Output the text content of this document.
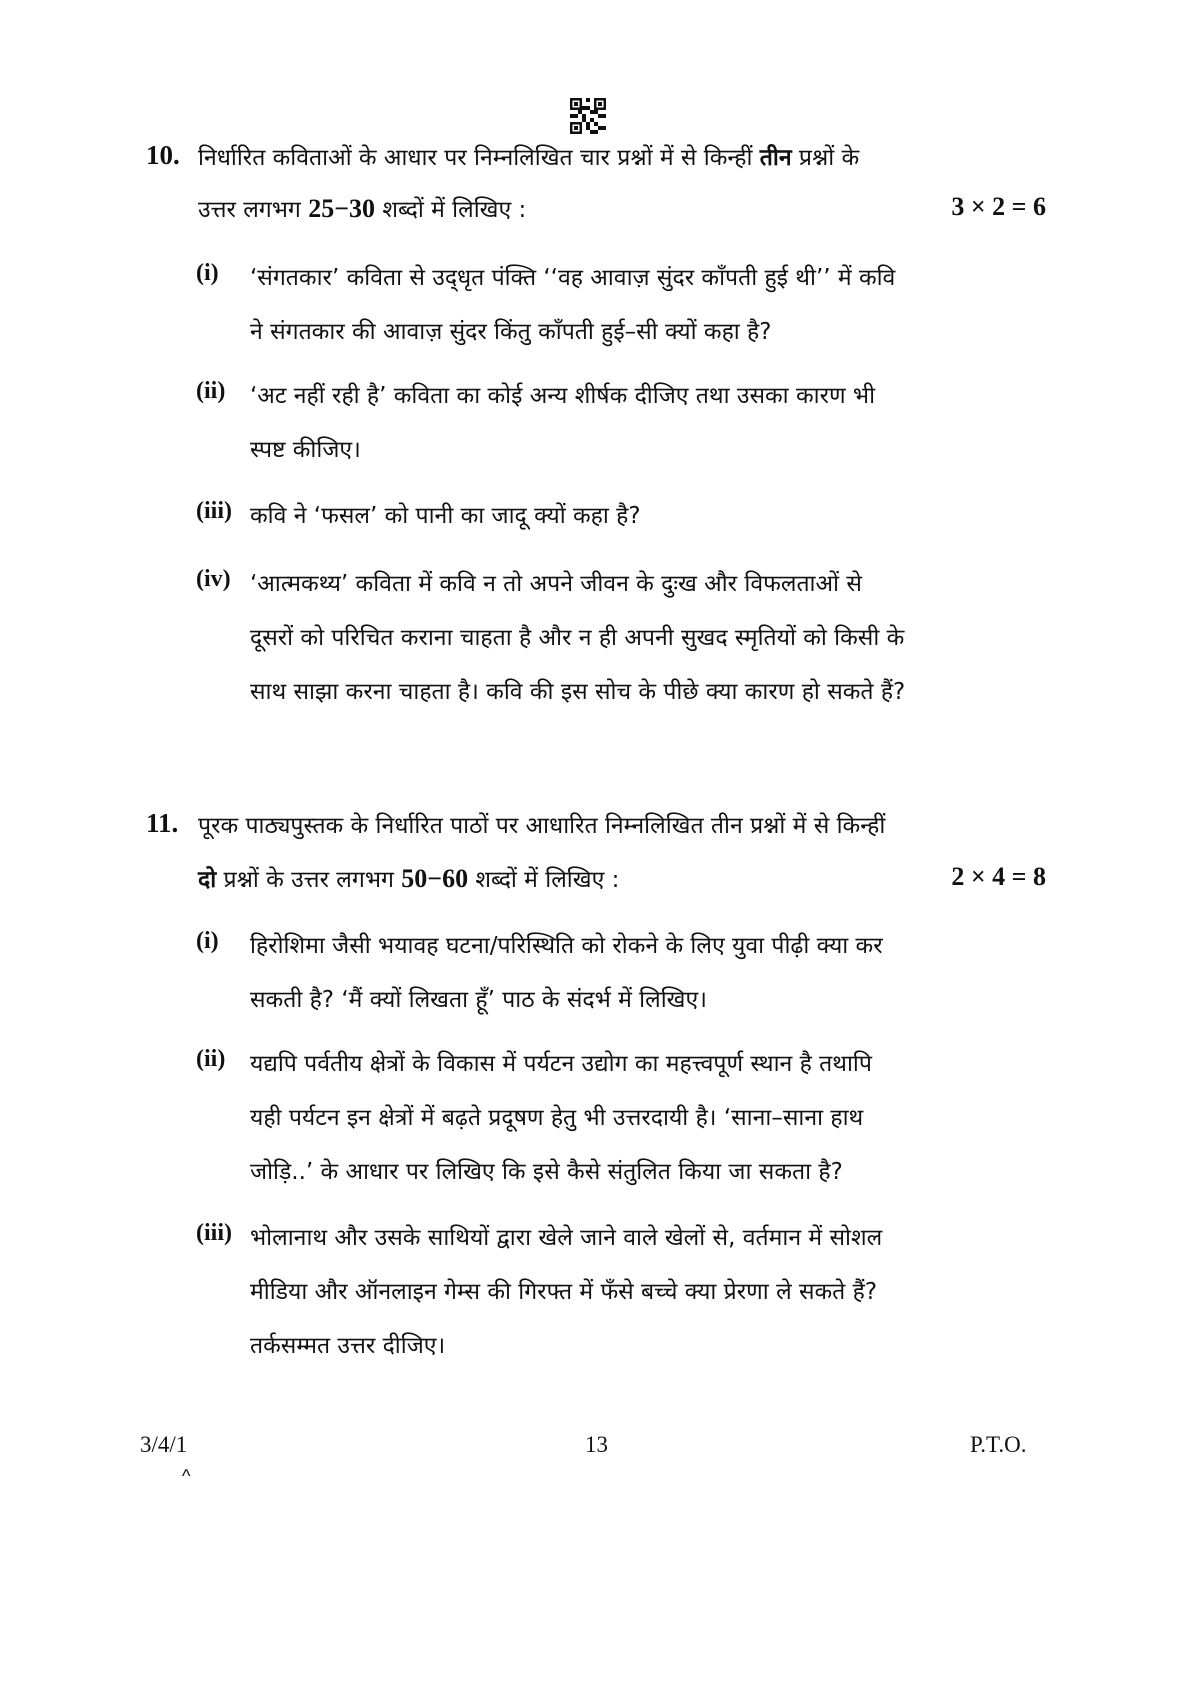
10. निर्धारित कविताओं के आधार पर निम्नलिखित चार प्रश्नों में से किन्हीं तीन प्रश्नों के
उत्तर लगभग 25−30 शब्दों में लिखिए :	3 × 2 = 6
(i) ‘संगतकार’ कविता से उद्‌धृत पंक्ति ‘‘वह आवाज़ सुंदर काँपती हुई थी’’ में कवि
ने संगतकार की आवाज़ सुंदर किंतु काँपती हुई–सी क्यों कहा है?
(ii) ‘अट नहीं रही है’ कविता का कोई अन्य शीर्षक दीजिए तथा उसका कारण भी
स्पष्ट कीजिए।
(iii) कवि ने ‘फसल’ को पानी का जादू क्यों कहा है?
(iv) ‘आत्मकथ्य’ कविता में कवि न तो अपने जीवन के दुःख और विफलताओं से
दूसरों को परिचित कराना चाहता है और न ही अपनी सुखद स्मृतियों को किसी के
साथ साझा करना चाहता है। कवि की इस सोच के पीछे क्या कारण हो सकते हैं?
11. पूरक पाठ्यपुस्तक के निर्धारित पाठों पर आधारित निम्नलिखित तीन प्रश्नों में से किन्हीं
दो प्रश्नों के उत्तर लगभग 50−60 शब्दों में लिखिए :	2 × 4 = 8
(i) हिरोशिमा जैसी भयावह घटना/परिस्थिति को रोकने के लिए युवा पीढ़ी क्या कर
सकती है? ‘मैं क्यों लिखता हूँ’ पाठ के संदर्भ में लिखिए।
(ii) यद्यपि पर्वतीय क्षेत्रों के विकास में पर्यटन उद्योग का महत्त्वपूर्ण स्थान है तथापि
यही पर्यटन इन क्षेत्रों में बढ़ते प्रदूषण हेतु भी उत्तरदायी है। ‘साना–साना हाथ
जोड़ि..’ के आधार पर लिखिए कि इसे कैसे संतुलित किया जा सकता है?
(iii) भोलानाथ और उसके साथियों द्वारा खेले जाने वाले खेलों से, वर्तमान में सोशल
मीडिया और ऑनलाइन गेम्स की गिरफ्त में फँसे बच्चे क्या प्रेरणा ले सकते हैं?
तर्कसम्मत उत्तर दीजिए।
3/4/1
^
13	P.T.O.
